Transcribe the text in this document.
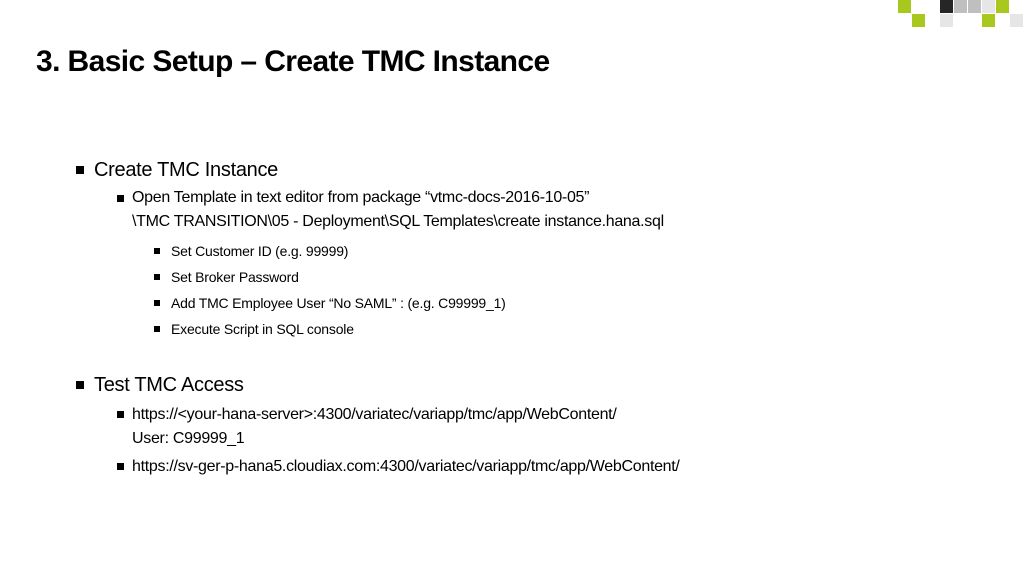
3. Basic Setup – Create TMC Instance
Create TMC Instance
Open Template in text editor from package “vtmc-docs-2016-10-05”
\TMC TRANSITION\05 - Deployment\SQL Templates\create instance.hana.sql
Set Customer ID (e.g. 99999)
Set Broker Password
Add TMC Employee User “No SAML” : (e.g. C99999_1)
Execute Script in SQL console
Test TMC Access
https://<your-hana-server>:4300/variatec/variapp/tmc/app/WebContent/
User: C99999_1
https://sv-ger-p-hana5.cloudiax.com:4300/variatec/variapp/tmc/app/WebContent/
